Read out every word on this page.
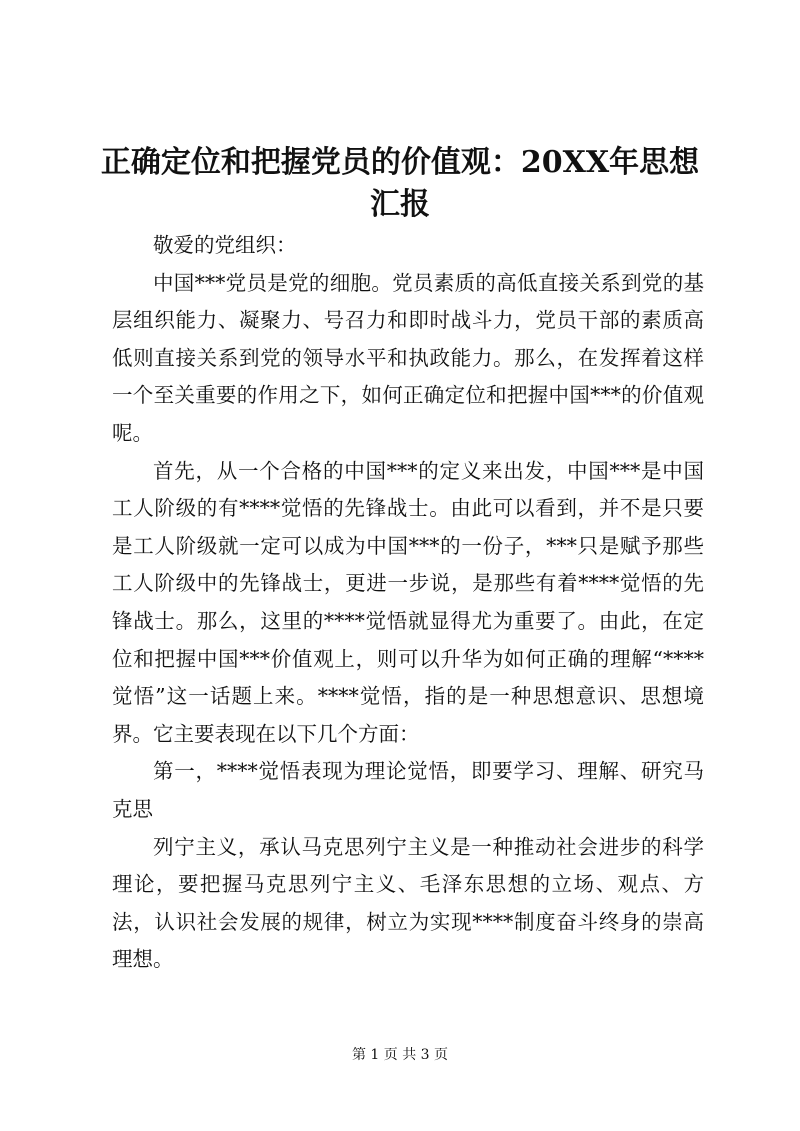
正确定位和把握党员的价值观：20XX年思想汇报

敬爱的党组织：

中国***党员是党的细胞。党员素质的高低直接关系到党的基层组织能力、凝聚力、号召力和即时战斗力，党员干部的素质高低则直接关系到党的领导水平和执政能力。那么，在发挥着这样一个至关重要的作用之下，如何正确定位和把握中国***的价值观呢。

首先，从一个合格的中国***的定义来出发，中国***是中国工人阶级的有****觉悟的先锋战士。由此可以看到，并不是只要是工人阶级就一定可以成为中国***的一份子，***只是赋予那些工人阶级中的先锋战士，更进一步说，是那些有着****觉悟的先锋战士。那么，这里的****觉悟就显得尤为重要了。由此，在定位和把握中国***价值观上，则可以升华为如何正确的理解“****觉悟”这一话题上来。****觉悟，指的是一种思想意识、思想境界。它主要表现在以下几个方面：

第一，****觉悟表现为理论觉悟，即要学习、理解、研究马克思

列宁主义，承认马克思列宁主义是一种推动社会进步的科学理论，要把握马克思列宁主义、毛泽东思想的立场、观点、方法，认识社会发展的规律，树立为实现****制度奋斗终身的崇高理想。

第 1 页 共 3 页
